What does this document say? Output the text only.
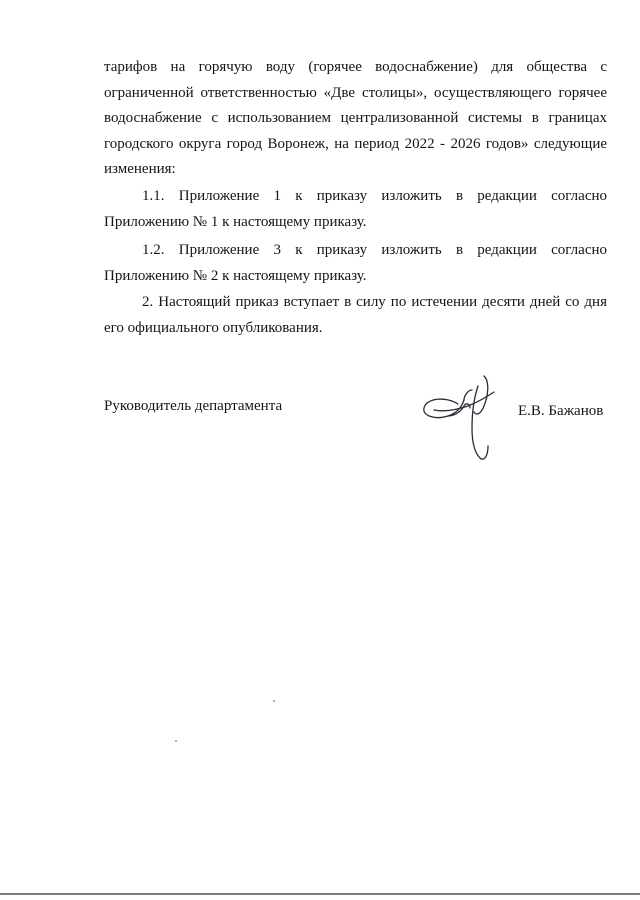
тарифов на горячую воду (горячее водоснабжение) для общества с ограниченной ответственностью «Две столицы», осуществляющего горячее водоснабжение с использованием централизованной системы в границах городского округа город Воронеж, на период 2022 - 2026 годов» следующие изменения:

1.1. Приложение 1 к приказу изложить в редакции согласно Приложению № 1 к настоящему приказу.

1.2. Приложение 3 к приказу изложить в редакции согласно Приложению № 2 к настоящему приказу.

2. Настоящий приказ вступает в силу по истечении десяти дней со дня его официального опубликования.

Руководитель департамента	Е.В. Бажанов
